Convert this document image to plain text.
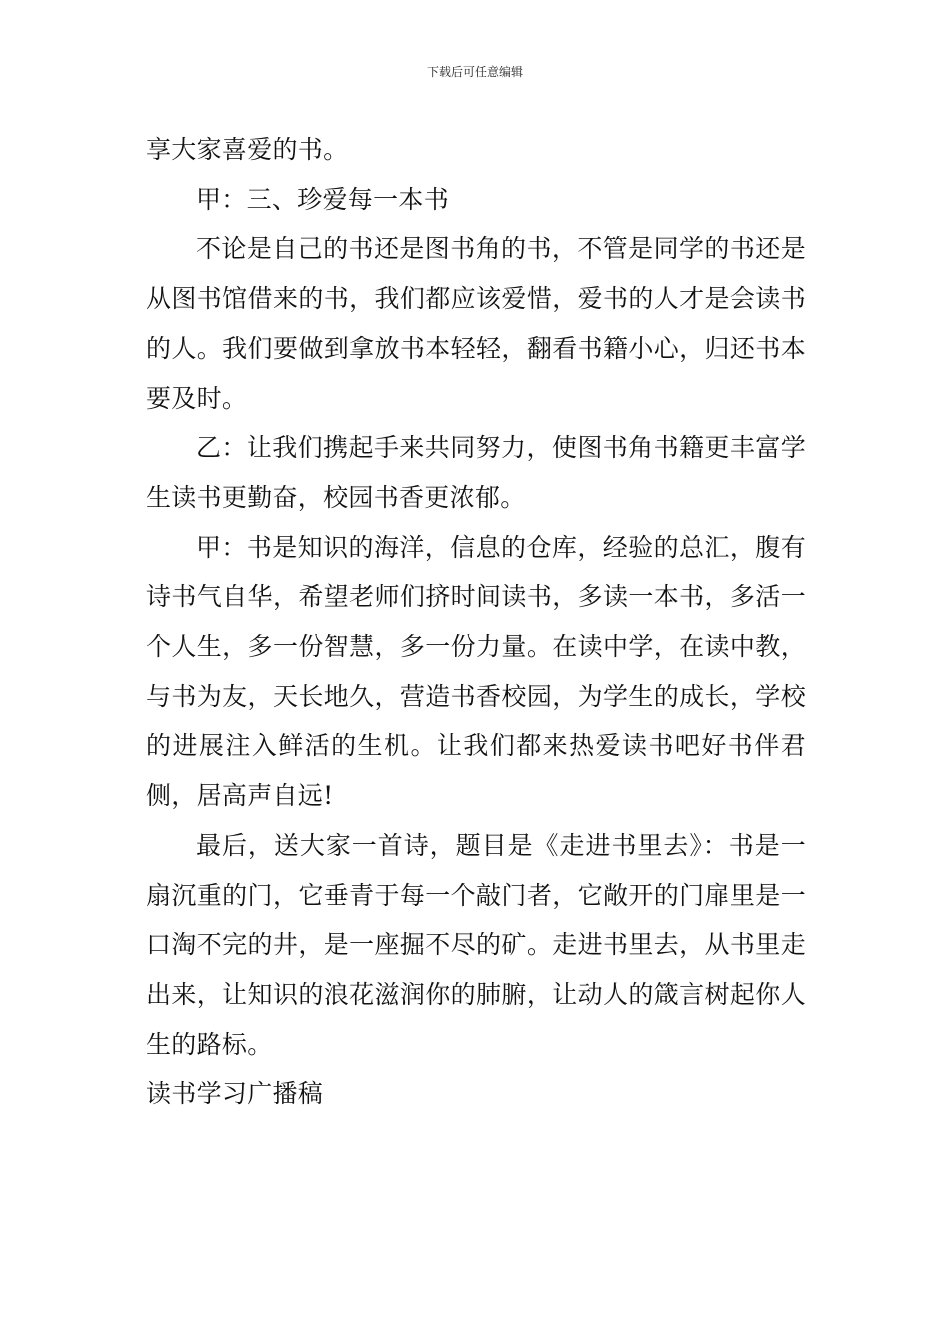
下载后可任意编辑

享大家喜爱的书。

甲：三、珍爱每一本书

不论是自己的书还是图书角的书，不管是同学的书还是从图书馆借来的书，我们都应该爱惜，爱书的人才是会读书的人。我们要做到拿放书本轻轻，翻看书籍小心，归还书本要及时。

乙：让我们携起手来共同努力，使图书角书籍更丰富学生读书更勤奋，校园书香更浓郁。

甲：书是知识的海洋，信息的仓库，经验的总汇，腹有诗书气自华，希望老师们挤时间读书，多读一本书，多活一个人生，多一份智慧，多一份力量。在读中学，在读中教，与书为友，天长地久，营造书香校园，为学生的成长，学校的进展注入鲜活的生机。让我们都来热爱读书吧好书伴君侧，居高声自远!

最后，送大家一首诗，题目是《走进书里去》：书是一扇沉重的门，它垂青于每一个敲门者，它敞开的门扉里是一口淘不完的井，是一座掘不尽的矿。走进书里去，从书里走出来，让知识的浪花滋润你的肺腑，让动人的箴言树起你人生的路标。

读书学习广播稿
